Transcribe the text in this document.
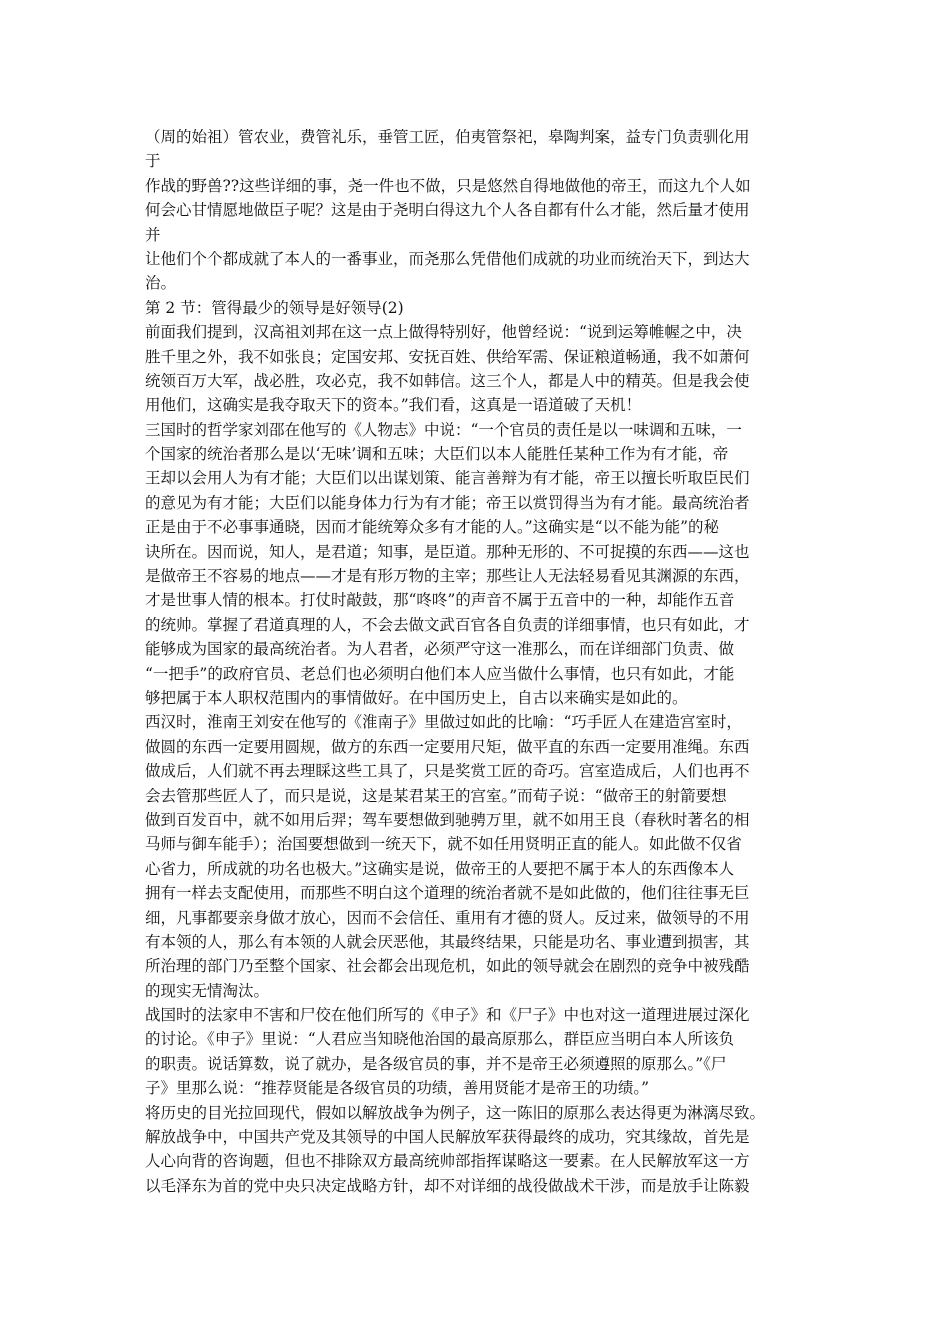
（周的始祖）管农业，费管礼乐，垂管工匠，伯夷管祭祀，皋陶判案，益专门负责驯化用
于
作战的野兽??这些详细的事，尧一件也不做，只是悠然自得地做他的帝王，而这九个人如
何会心甘情愿地做臣子呢？这是由于尧明白得这九个人各自都有什么才能，然后量才使用
并
让他们个个都成就了本人的一番事业，而尧那么凭借他们成就的功业而统治天下，到达大
治。
第 2 节：管得最少的领导是好领导(2)
前面我们提到，汉高祖刘邦在这一点上做得特别好，他曾经说：“说到运筹帷幄之中，决
胜千里之外，我不如张良；定国安邦、安抚百姓、供给军需、保证粮道畅通，我不如萧何
统领百万大军，战必胜，攻必克，我不如韩信。这三个人，都是人中的精英。但是我会使
用他们，这确实是我夺取天下的资本。”我们看，这真是一语道破了天机！
三国时的哲学家刘邵在他写的《人物志》中说：“一个官员的责任是以一味调和五味，一
个国家的统治者那么是以‘无味’调和五味；大臣们以本人能胜任某种工作为有才能，帝
王却以会用人为有才能；大臣们以出谋划策、能言善辩为有才能，帝王以擅长听取臣民们
的意见为有才能；大臣们以能身体力行为有才能；帝王以赏罚得当为有才能。最高统治者
正是由于不必事事通晓，因而才能统筹众多有才能的人。”这确实是“以不能为能”的秘
诀所在。因而说，知人，是君道；知事，是臣道。那种无形的、不可捉摸的东西——这也
是做帝王不容易的地点——才是有形万物的主宰；那些让人无法轻易看见其渊源的东西，
才是世事人情的根本。打仗时敲鼓，那“咚咚”的声音不属于五音中的一种，却能作五音
的统帅。掌握了君道真理的人，不会去做文武百官各自负责的详细事情，也只有如此，才
能够成为国家的最高统治者。为人君者，必须严守这一准那么，而在详细部门负责、做
“一把手”的政府官员、老总们也必须明白他们本人应当做什么事情，也只有如此，才能
够把属于本人职权范围内的事情做好。在中国历史上，自古以来确实是如此的。
西汉时，淮南王刘安在他写的《淮南子》里做过如此的比喻：“巧手匠人在建造宫室时，
做圆的东西一定要用圆规，做方的东西一定要用尺矩，做平直的东西一定要用准绳。东西
做成后，人们就不再去理睬这些工具了，只是奖赏工匠的奇巧。宫室造成后，人们也再不
会去管那些匠人了，而只是说，这是某君某王的宫室。”而荀子说：“做帝王的射箭要想
做到百发百中，就不如用后羿；驾车要想做到驰骋万里，就不如用王良（春秋时著名的相
马师与御车能手）；治国要想做到一统天下，就不如任用贤明正直的能人。如此做不仅省
心省力，所成就的功名也极大。”这确实是说，做帝王的人要把不属于本人的东西像本人
拥有一样去支配使用，而那些不明白这个道理的统治者就不是如此做的，他们往往事无巨
细，凡事都要亲身做才放心，因而不会信任、重用有才德的贤人。反过来，做领导的不用
有本领的人，那么有本领的人就会厌恶他，其最终结果，只能是功名、事业遭到损害，其
所治理的部门乃至整个国家、社会都会出现危机，如此的领导就会在剧烈的竞争中被残酷
的现实无情淘汰。
战国时的法家申不害和尸佼在他们所写的《申子》和《尸子》中也对这一道理进展过深化
的讨论。《申子》里说：“人君应当知晓他治国的最高原那么，群臣应当明白本人所该负
的职责。说话算数，说了就办，是各级官员的事，并不是帝王必须遵照的原那么。”《尸
子》里那么说：“推荐贤能是各级官员的功绩，善用贤能才是帝王的功绩。”
将历史的目光拉回现代，假如以解放战争为例子，这一陈旧的原那么表达得更为淋漓尽致。
解放战争中，中国共产党及其领导的中国人民解放军获得最终的成功，究其缘故，首先是
人心向背的咨询题，但也不排除双方最高统帅部指挥谋略这一要素。在人民解放军这一方
以毛泽东为首的党中央只决定战略方针，却不对详细的战役做战术干涉，而是放手让陈毅
